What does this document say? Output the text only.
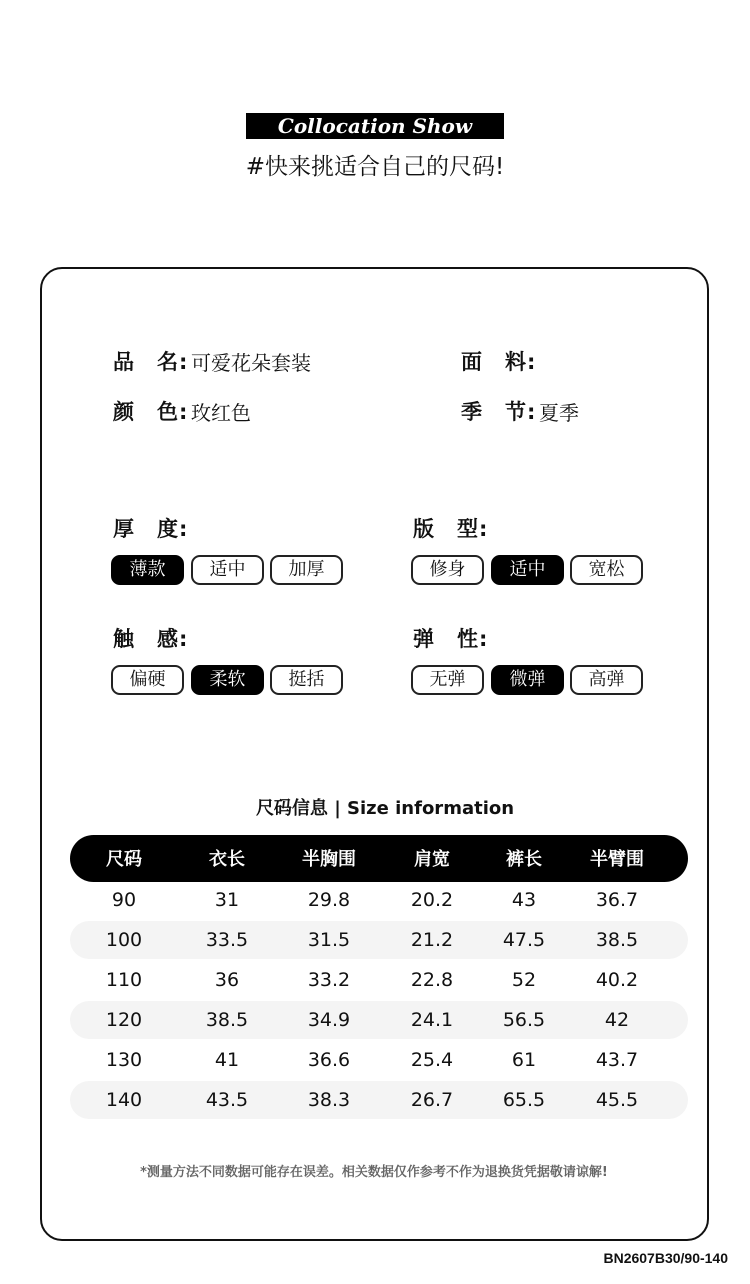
Collocation Show
#快来挑适合自己的尺码!
品　名: 可爱花朵套装	面　料:
颜　色: 玫红色	季　节: 夏季
厚　度:
薄款	适中	加厚
版　型:
修身	适中	宽松
触　感:
偏硬	柔软	挺括
弹　性:
无弹	微弹	高弹
尺码信息 | Size information
尺码	衣长	半胸围	肩宽	裤长	半臂围
90	31	29.8	20.2	43	36.7
100	33.5	31.5	21.2	47.5	38.5
110	36	33.2	22.8	52	40.2
120	38.5	34.9	24.1	56.5	42
130	41	36.6	25.4	61	43.7
140	43.5	38.3	26.7	65.5	45.5
*测量方法不同数据可能存在误差。相关数据仅作参考不作为退换货凭据敬请谅解!
BN2607B30/90-140
